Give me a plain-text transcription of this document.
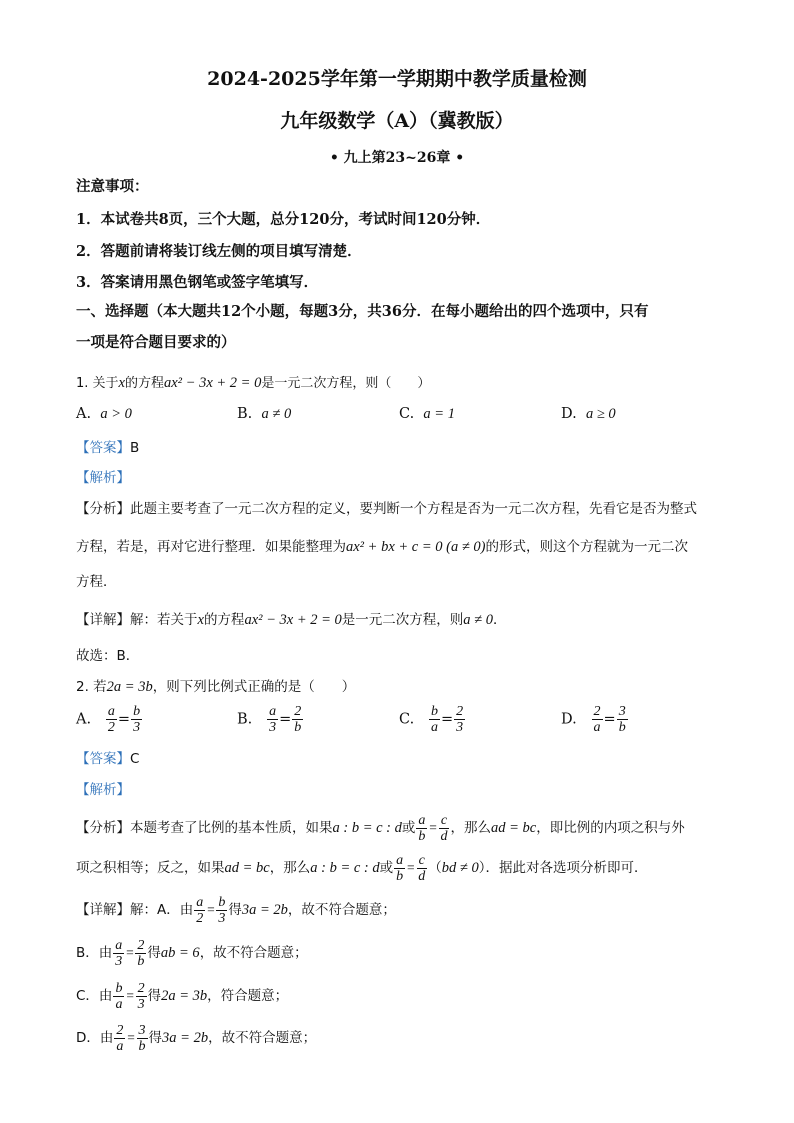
2024-2025学年第一学期期中教学质量检测
九年级数学（A）（冀教版）
• 九上第23~26章 •
注意事项：
1．本试卷共8页，三个大题，总分120分，考试时间120分钟．
2．答题前请将装订线左侧的项目填写清楚．
3．答案请用黑色钢笔或签字笔填写．
一、选择题（本大题共12个小题，每题3分，共36分．在每小题给出的四个选项中，只有
一项是符合题目要求的）
1. 关于x的方程ax² − 3x + 2 = 0是一元二次方程，则（　　）
A. a > 0	B. a ≠ 0	C. a = 1	D. a ≥ 0
【答案】B
【解析】
【分析】此题主要考查了一元二次方程的定义，要判断一个方程是否为一元二次方程，先看它是否为整式
方程，若是，再对它进行整理．如果能整理为ax² + bx + c = 0 (a ≠ 0)的形式，则这个方程就为一元二次
方程．
【详解】解：若关于x的方程ax² − 3x + 2 = 0是一元二次方程，则a ≠ 0．
故选：B．
2. 若2a = 3b，则下列比例式正确的是（　　）
A. $\frac{a}{2} = \frac{b}{3}$	B. $\frac{a}{3} = \frac{2}{b}$	C. $\frac{b}{a} = \frac{2}{3}$	D. $\frac{2}{a} = \frac{3}{b}$
【答案】C
【解析】
【分析】本题考查了比例的基本性质，如果a : b = c : d或 $\frac{a}{b} = \frac{c}{d}$ ，那么ad = bc，即比例的内项之积与外
项之积相等；反之，如果ad = bc，那么a : b = c : d或 $\frac{a}{b} = \frac{c}{d} (bd \ne 0)$．据此对各选项分析即可．
【详解】解：A．由 $\frac{a}{2} = \frac{b}{3}$ 得3a = 2b，故不符合题意；
B．由 $\frac{a}{3} = \frac{2}{b}$ 得ab = 6，故不符合题意；
C．由 $\frac{b}{a} = \frac{2}{3}$ 得2a = 3b，符合题意；
D．由 $\frac{2}{a} = \frac{3}{b}$ 得3a = 2b，故不符合题意；
